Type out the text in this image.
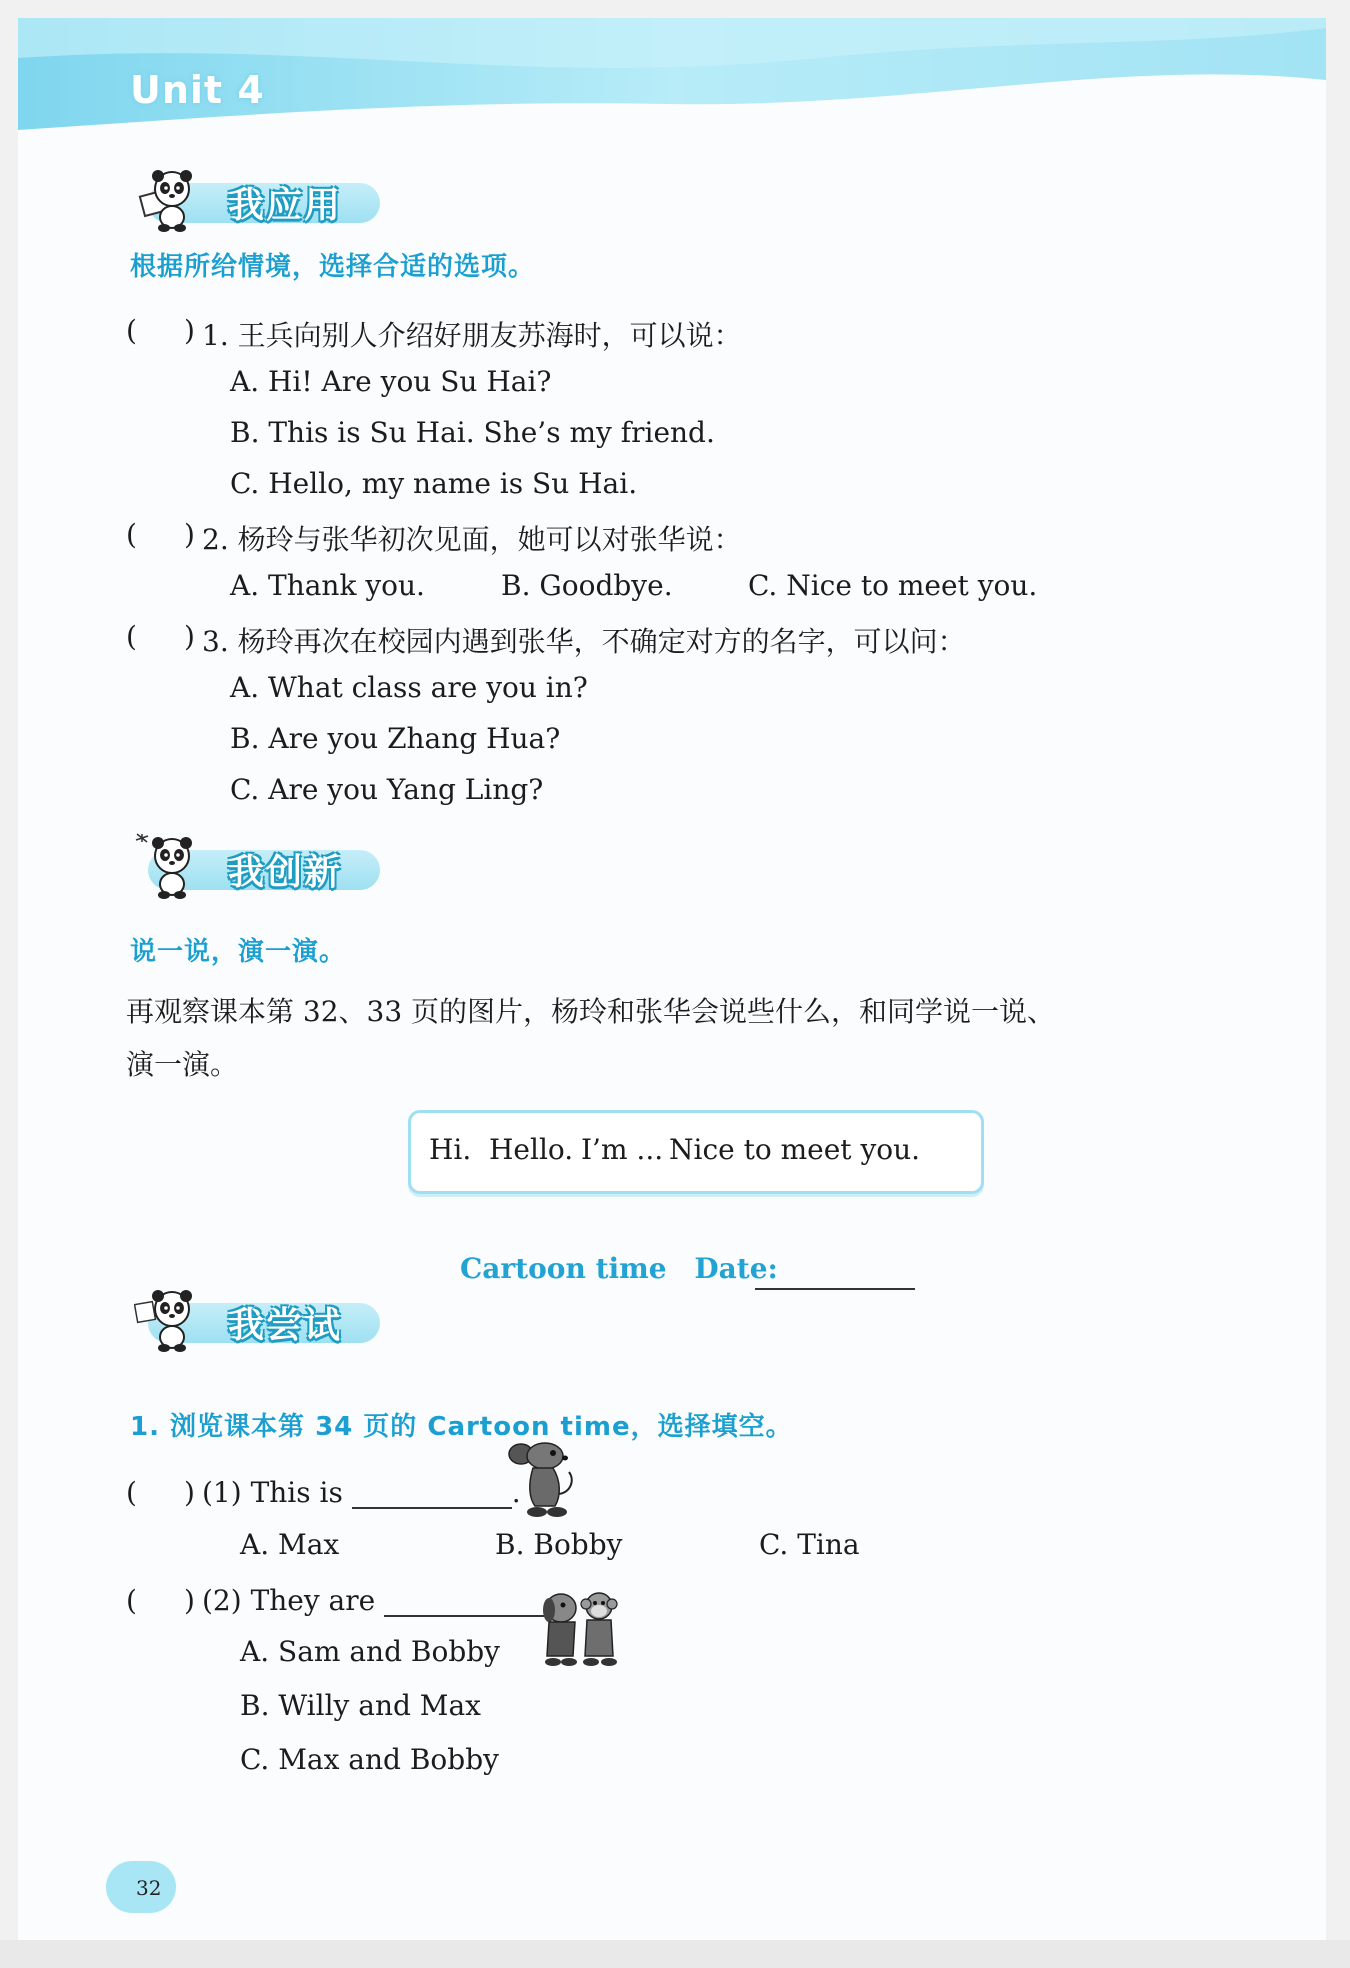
Unit 4
我应用
根据所给情境，选择合适的选项。
( ) 1. 王兵向别人介绍好朋友苏海时，可以说：
A. Hi! Are you Su Hai?
B. This is Su Hai. She’s my friend.
C. Hello, my name is Su Hai.
( ) 2. 杨玲与张华初次见面，她可以对张华说：
A. Thank you.	B. Goodbye.	C. Nice to meet you.
( ) 3. 杨玲再次在校园内遇到张华，不确定对方的名字，可以问：
A. What class are you in?
B. Are you Zhang Hua?
C. Are you Yang Ling?
我创新
说一说，演一演。
再观察课本第 32、33 页的图片，杨玲和张华会说些什么，和同学说一说、
演一演。
Hi. Hello. I’m ... Nice to meet you.
Cartoon time Date:
我尝试
1. 浏览课本第 34 页的 Cartoon time，选择填空。
( ) (1) This is	.
A. Max	B. Bobby	C. Tina
( ) (2) They are
A. Sam and Bobby
B. Willy and Max
C. Max and Bobby
32
